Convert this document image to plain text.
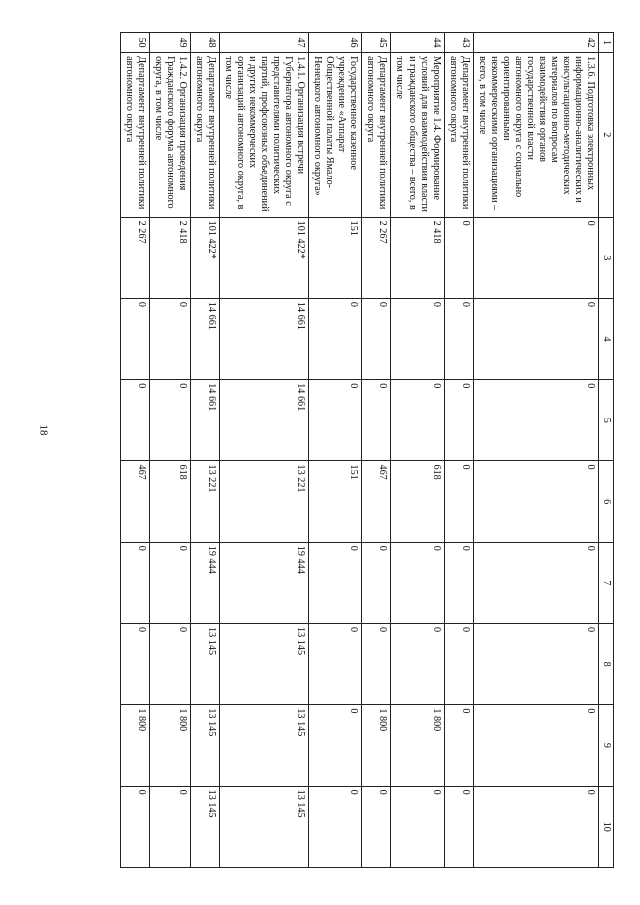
18
1	2	3	4	5	6	7	8	9	10
42	1.3.6. Подготовка электронных информационно-аналитических и консультационно-методических материалов по вопросам взаимодействия органов государственной власти автономного округа с социально ориентированными некоммерческими организациями – всего, в том числе	0	0	0	0	0	0	0	0
43	Департамент внутренней политики автономного округа	0	0	0	0	0	0	0	0
44	Мероприятие 1.4. Формирование условий для взаимодействия власти и гражданского общества – всего, в том числе	2 418	0	0	618	0	0	1 800	0
45	Департамент внутренней политики автономного округа	2 267	0	0	467	0	0	1 800	0
46	Государственное казенное учреждение «Аппарат Общественной палаты Ямало-Ненецкого автономного округа»	151	0	0	151	0	0	0	0
47	1.4.1. Организация встречи Губернатора автономного округа с представителями политических партий, профсоюзных объединений и других некоммерческих организаций автономного округа, в том числе	101 422*	14 661	14 661	13 221	19 444	13 145	13 145	13 145
48	Департамент внутренней политики автономного округа	101 422*	14 661	14 661	13 221	19 444	13 145	13 145	13 145
49	1.4.2. Организация проведения Гражданского форума автономного округа, в том числе	2 418	0	0	618	0	0	1 800	0
50	Департамент внутренней политики автономного округа	2 267	0	0	467	0	0	1 800	0
